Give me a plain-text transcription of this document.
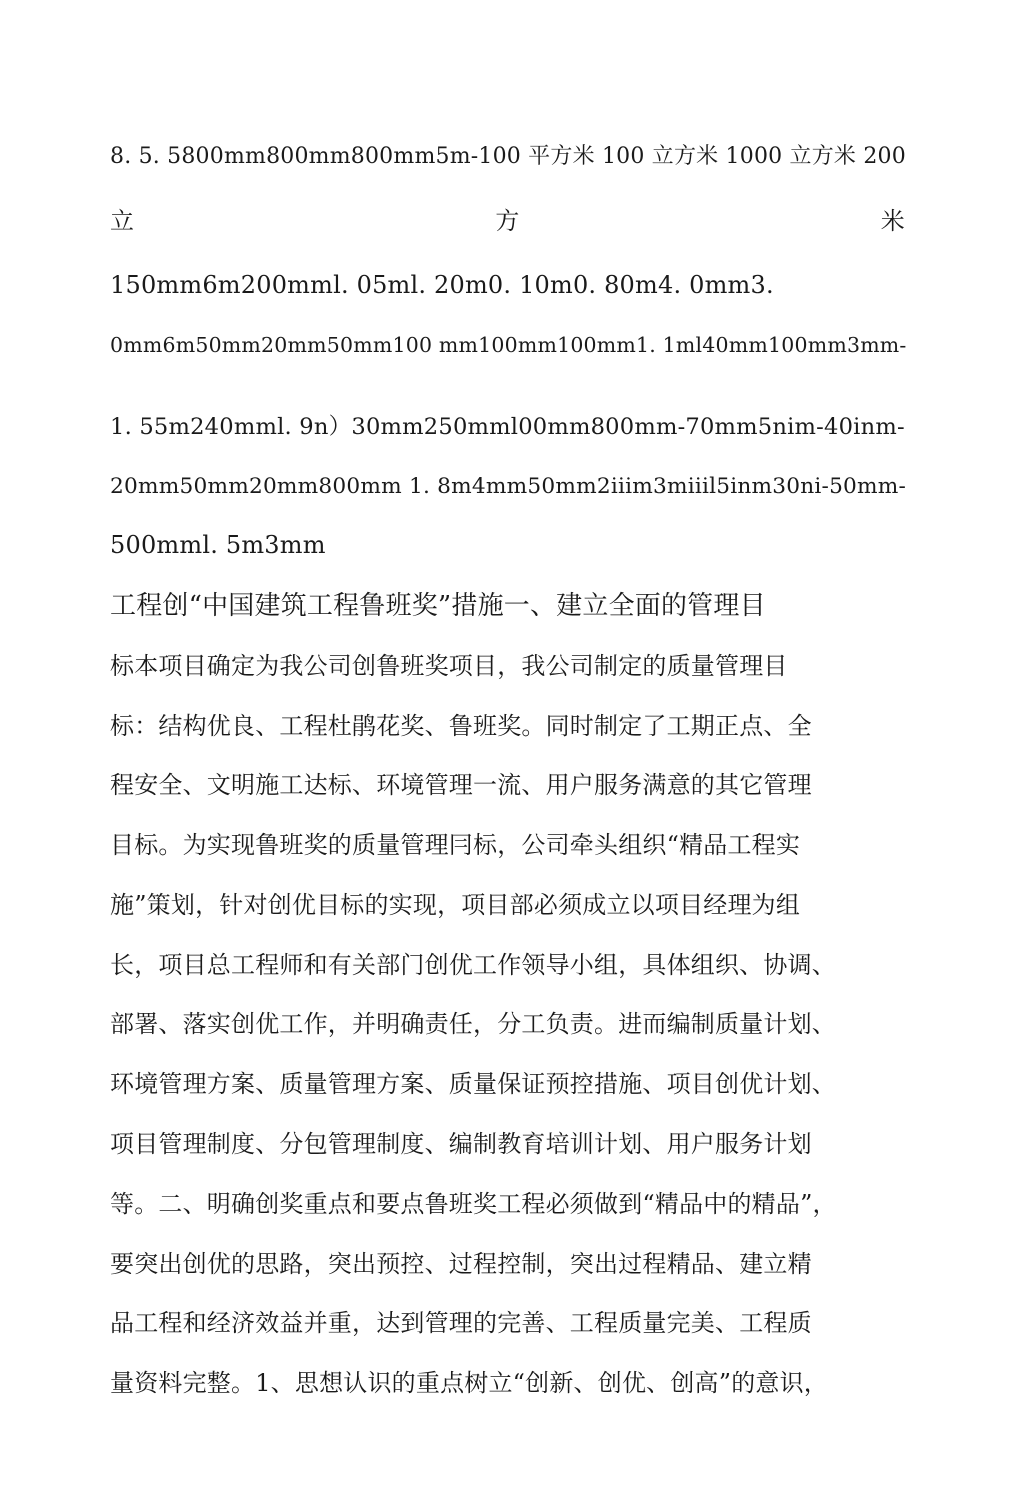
8. 5. 5800mm800mm800mm5m-100 平方米 100 立方米 1000 立方米 200
立	方	米
150mm6m200mml. 05ml. 20m0. 10m0. 80m4. 0mm3.
0mm6m50mm20mm50mm100 mm100mm100mm1. 1ml40mm100mm3mm-
1. 55m240mml. 9n）30mm250mml00mm800mm-70mm5nim-40inm-
20mm50mm20mm800mm 1. 8m4mm50mm2iiim3miiil5inm30ni-50mm-
500mml. 5m3mm
工程创“中国建筑工程鲁班奖”措施一、建立全面的管理目
标本项目确定为我公司创鲁班奖项目，我公司制定的质量管理目
标：结构优良、工程杜鹃花奖、鲁班奖。同时制定了工期正点、全
程安全、文明施工达标、环境管理一流、用户服务满意的其它管理
目标。为实现鲁班奖的质量管理冃标，公司牵头组织“精品工程实
施”策划，针对创优目标的实现，项目部必须成立以项目经理为组
长，项目总工程师和有关部门创优工作领导小组，具体组织、协调、
部署、落实创优工作，并明确责任，分工负责。进而编制质量计划、
环境管理方案、质量管理方案、质量保证预控措施、项目创优计划、
项目管理制度、分包管理制度、编制教育培训计划、用户服务计划
等。二、明确创奖重点和要点鲁班奖工程必须做到“精品中的精品”，
要突出创优的思路，突出预控、过程控制，突出过程精品、建立精
品工程和经济效益并重，达到管理的完善、工程质量完美、工程质
量资料完整。1、思想认识的重点树立“创新、创优、创高”的意识，
